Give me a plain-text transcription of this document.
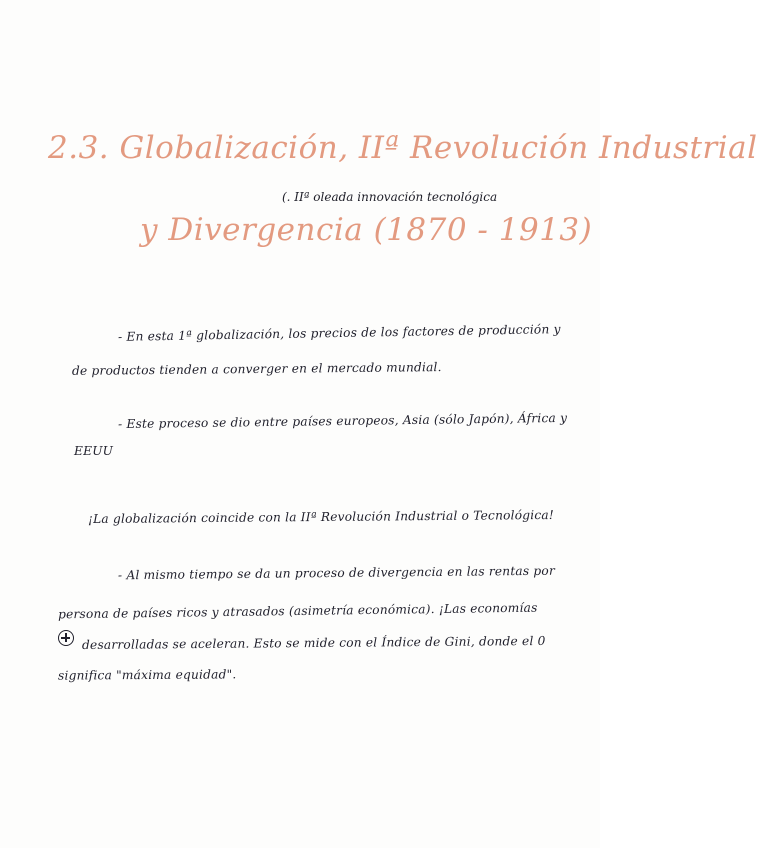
2.3. Globalización, IIª Revolución Industrial
(. IIª oleada innovación tecnológica
y Divergencia (1870 - 1913)
- En esta 1ª globalización, los precios de los factores de producción y
de productos tienden a converger en el mercado mundial.
- Este proceso se dio entre países europeos, Asia (sólo Japón), África y
EEUU
¡La globalización coincide con la IIª Revolución Industrial o Tecnológica!
- Al mismo tiempo se da un proceso de divergencia en las rentas por
persona de países ricos y atrasados (asimetría económica). ¡Las economías
desarrolladas se aceleran. Esto se mide con el Índice de Gini, donde el 0
significa "máxima equidad".
